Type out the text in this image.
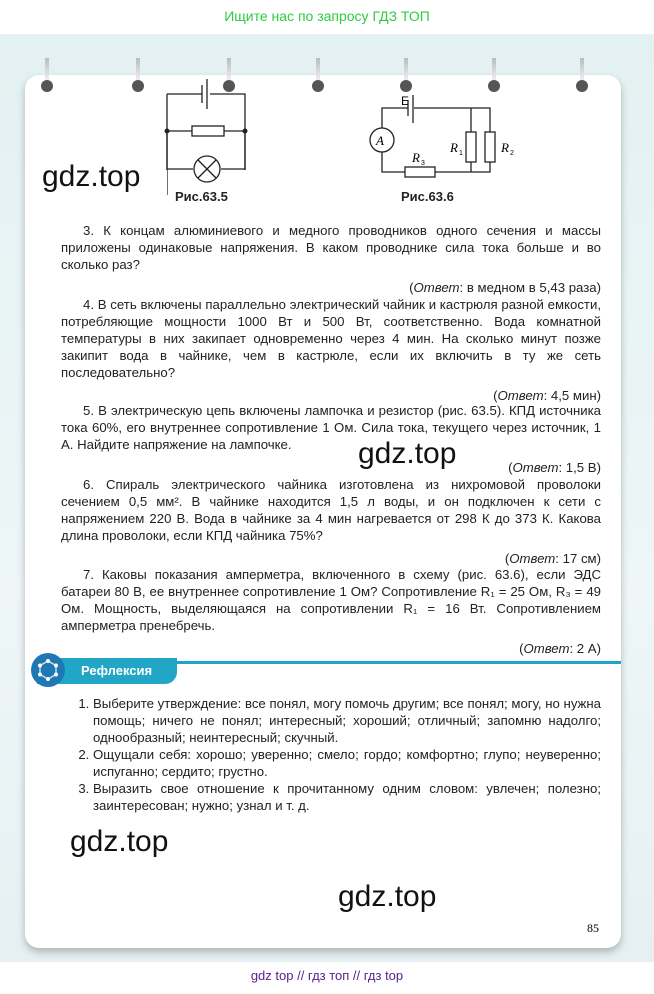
Ищите нас по запросу ГДЗ ТОП
Рис.63.5
A
E
R 1	R 2
R 3
Рис.63.6

3. К концам алюминиевого и медного проводников одного сечения и массы приложены одинаковые напряжения. В каком проводнике сила тока больше и во сколько раз?

(Ответ: в медном в 5,43 раза)

4. В сеть включены параллельно электрический чайник и кастрюля разной емкости, потребляющие мощности 1000 Вт и 500 Вт, соответственно. Вода комнатной температуры в них закипает одновременно через 4 мин. На сколько минут позже закипит вода в чайнике, чем в кастрюле, если их включить в ту же сеть последовательно?

(Ответ: 4,5 мин)

5. В электрическую цепь включены лампочка и резистор (рис. 63.5). КПД источника тока 60%, его внутреннее сопротивление 1 Ом. Сила тока, текущего через источник, 1 А. Найдите напряжение на лампочке.

(Ответ: 1,5 В)

6. Спираль электрического чайника изготовлена из нихромовой проволоки сечением 0,5 мм². В чайнике находится 1,5 л воды, и он подключен к сети с напряжением 220 В. Вода в чайнике за 4 мин нагревается от 298 К до 373 К. Какова длина проволоки, если КПД чайника 75%?

(Ответ: 17 см)

7. Каковы показания амперметра, включенного в схему (рис. 63.6), если ЭДС батареи 80 В, ее внутреннее сопротивление 1 Ом? Сопротивление R₁ = 25 Ом, R₃ = 49 Ом. Мощность, выделяющаяся на сопротивлении R₁ = 16 Вт. Сопротивлением амперметра пренебречь.

(Ответ: 2 А)

Рефлексия
1. Выберите утверждение: все понял, могу помочь другим; все понял; могу, но нужна помощь; ничего не понял; интересный; хороший; отличный; запомню надолго; однообразный; неинтересный; скучный.
2. Ощущали себя: хорошо; уверенно; смело; гордо; комфортно; глупо; неуверенно; испуганно; сердито; грустно.
3. Выразить свое отношение к прочитанному одним словом: увлечен; полезно; заинтересован; нужно; узнал и т. д.
gdz.top
gdz.top
gdz.top
gdz.top
85
gdz top // гдз топ // гдз top
